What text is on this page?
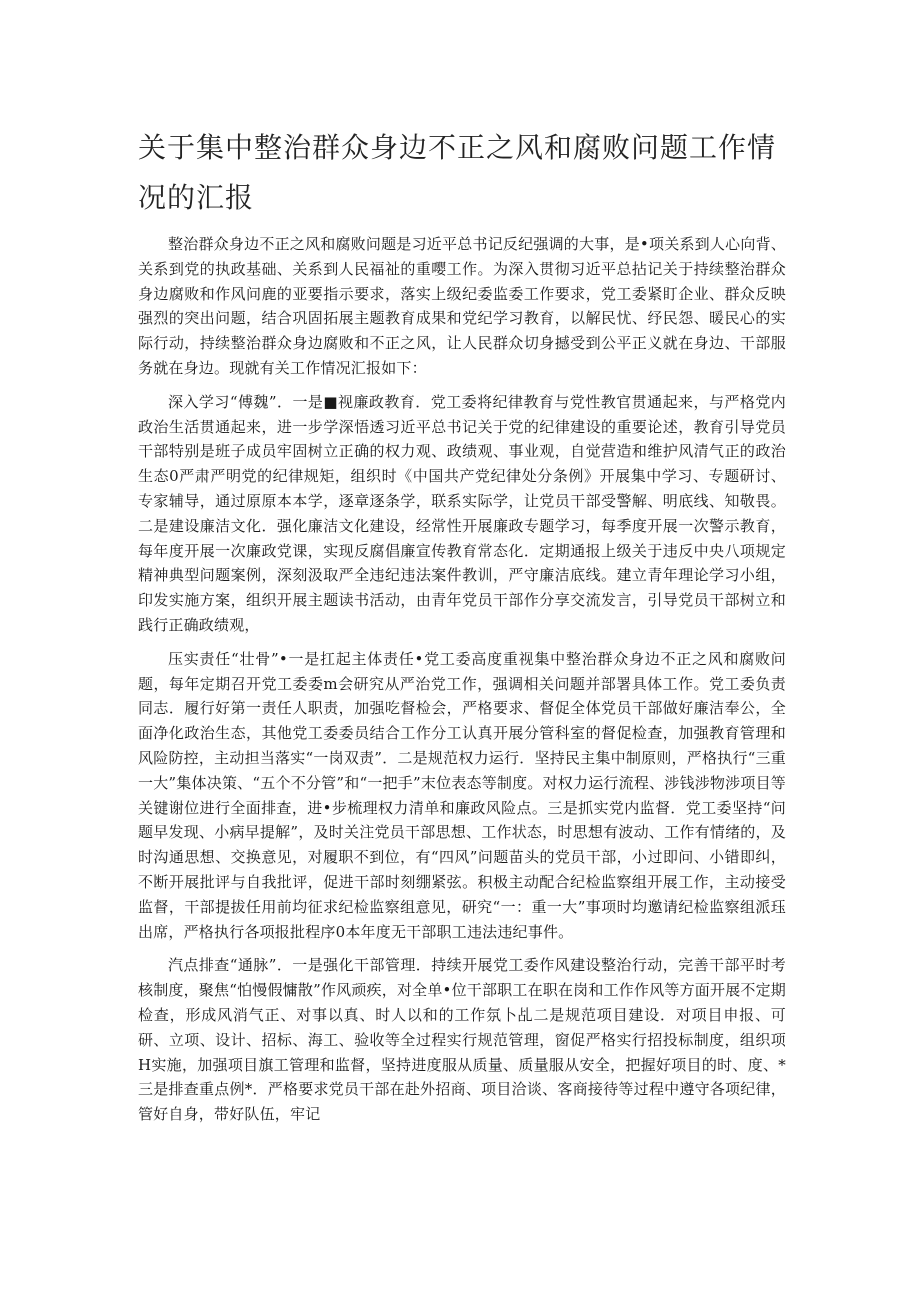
关于集中整治群众身边不正之风和腐败问题工作情况的汇报

整治群众身边不正之风和腐败问题是习近平总书记反纪强调的大事，是•项关系到人心向背、关系到党的执政基础、关系到人民福祉的重嘤工作。为深入贯彻习近平总拈记关于持续整治群众身边腐败和作风问鹿的亚要指示要求，落实上级纪委监委工作要求，党工委紧盯企业、群众反映强烈的突出问题，结合巩固拓展主题教育成果和党纪学习教育，以解民忧、纾民怨、暖民心的实际行动，持续整治群众身边腐败和不正之风，让人民群众切身撼受到公平正义就在身边、干部服务就在身边。现就有关工作情况汇报如下：

深入学习“傅魏”．一是■视廉政教育．党工委将纪律教育与党性教官贯通起来，与严格党内政治生活贯通起来，进一步学深悟透习近平总书记关于党的纪律建设的重要论述，教育引导党员干部特别是班子成员牢固树立正确的权力观、政绩观、事业观，自觉营造和维护风清气正的政治生态0严肃严明党的纪律规矩，组织时《中国共产党纪律处分条例》开展集中学习、专题研讨、专家辅导，通过原原本本学，逐章逐条学，联系实际学，让党员干部受警解、明底线、知敬畏。二是建设廉洁文化．强化廉洁文化建设，经常性开展廉政专题学习，每季度开展一次警示教育，每年度开展一次廉政党课，实现反腐倡廉宣传教育常态化．定期通报上级关于违反中央八项规定精神典型问题案例，深刻汲取严全违纪违法案件教训，严守廉洁底线。建立青年理论学习小组，印发实施方案，组织开展主题读书活动，由青年党员干部作分享交流发言，引导党员干部树立和践行正确政绩观，

压实责任“壮骨”•一是扛起主体责任•党工委高度重视集中整治群众身边不正之风和腐败问题，每年定期召开党工委委m会研究从严治党工作，强调相关问题并部署具体工作。党工委负责同志．履行好第一责任人职责，加强吃督检会，严格要求、督促全体党员干部做好廉洁奉公，全面净化政治生态，其他党工委委员结合工作分工认真开展分管科室的督促检查，加强教育管理和风险防控，主动担当落实“一岗双责”．二是规范权力运行．坚持民主集中制原则，严格执行“三重一大”集体决策、“五个不分管”和“一把手”末位表态等制度。对权力运行流程、涉钱涉物涉项目等关键谢位进行全面排查，进•步梳理权力清单和廉政风险点。三是抓实党内监督．党工委坚持“问题早发现、小病早提解”，及时关注党员干部思想、工作状态，时思想有波动、工作有情绪的，及时沟通思想、交换意见，对履职不到位，有“四风”问题苗头的党员干部，小过即问、小错即纠，不断开展批评与自我批评，促进干部时刻绷紧弦。积极主动配合纪检监察组开展工作，主动接受监督，干部提拔任用前均征求纪检监察组意见，研究“一：重一大”事项时均邀请纪检监察组派珏出席，严格执行各项报批程序0本年度无干部职工违法违纪事件。

汽点排查“通脉”．一是强化干部管理．持续开展党工委作风建设整治行动，完善干部平时考核制度，聚焦“怕慢假慵散”作风顽疾，对全单•位干部职工在职在岗和工作作风等方面开展不定期检查，形成风消气正、对事以真、时人以和的工作氛卜乩二是规范项目建设．对项目申报、可研、立项、设计、招标、海工、验收等全过程实行规范管理，窗促严格实行招投标制度，组织项H实施，加强项目旗工管理和监督，坚持进度服从质量、质量服从安全，把握好项目的时、度、*三是排查重点例*．严格要求党员干部在赴外招商、项目洽谈、客商接待等过程中遵守各项纪律，管好自身，带好队伍，牢记
